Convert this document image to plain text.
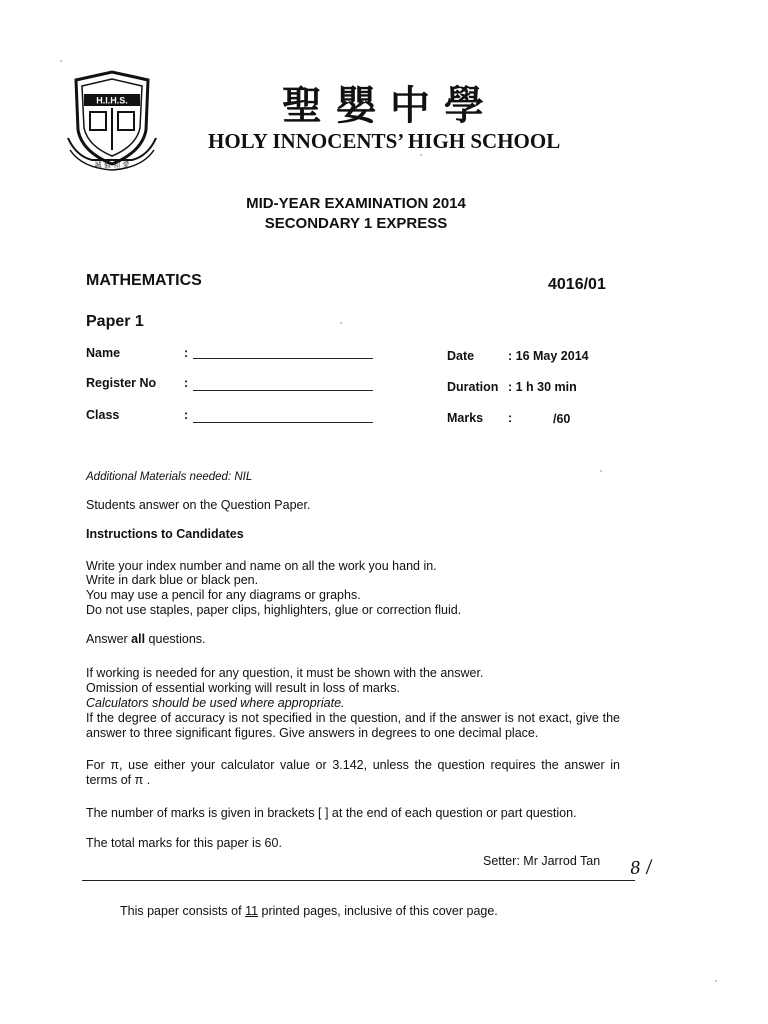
H.I.H.S.
誠 毅 和 愛
聖嬰中學
HOLY INNOCENTS’ HIGH SCHOOL
MID-YEAR EXAMINATION 2014
SECONDARY 1 EXPRESS
MATHEMATICS	4016/01
Paper 1
Name	:
Register No :
Class	:
Date	: 16 May 2014
Duration : 1 h 30 min
Marks :	/60
Additional Materials needed: NIL
Students answer on the Question Paper.
Instructions to Candidates
Write your index number and name on all the work you hand in.
Write in dark blue or black pen.
You may use a pencil for any diagrams or graphs.
Do not use staples, paper clips, highlighters, glue or correction fluid.
Answer all questions.
If working is needed for any question, it must be shown with the answer.
Omission of essential working will result in loss of marks.
Calculators should be used where appropriate.
If the degree of accuracy is not specified in the question, and if the answer is not exact, give the answer to three significant figures. Give answers in degrees to one decimal place.
For π, use either your calculator value or 3.142, unless the question requires the answer in terms of π .
The number of marks is given in brackets [ ] at the end of each question or part question.
The total marks for this paper is 60.
Setter: Mr Jarrod Tan 8 /
This paper consists of 11 printed pages, inclusive of this cover page.
